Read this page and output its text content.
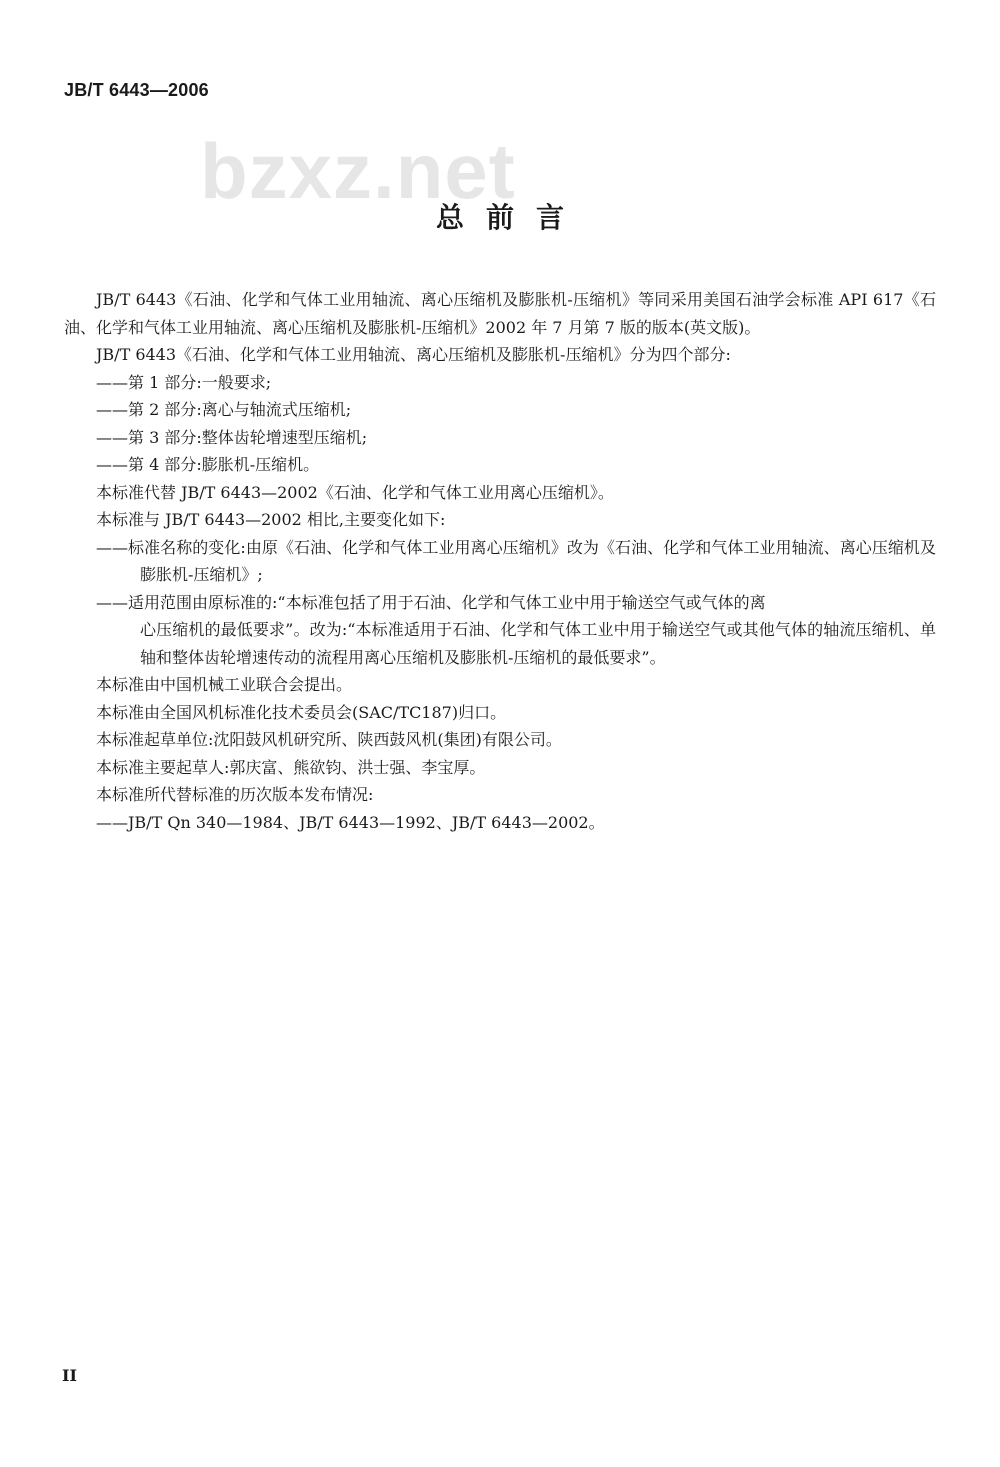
JB/T 6443—2006
bzxz.net
总前言

JB/T 6443《石油、化学和气体工业用轴流、离心压缩机及膨胀机-压缩机》等同采用美国石油学会标准 API 617《石油、化学和气体工业用轴流、离心压缩机及膨胀机-压缩机》2002 年 7 月第 7 版的版本(英文版)。

JB/T 6443《石油、化学和气体工业用轴流、离心压缩机及膨胀机-压缩机》分为四个部分:

——第 1 部分:一般要求;

——第 2 部分:离心与轴流式压缩机;

——第 3 部分:整体齿轮增速型压缩机;

——第 4 部分:膨胀机-压缩机。

本标准代替 JB/T 6443—2002《石油、化学和气体工业用离心压缩机》。

本标准与 JB/T 6443—2002 相比,主要变化如下:

——标准名称的变化:由原《石油、化学和气体工业用离心压缩机》改为《石油、化学和气体工业用轴流、离心压缩机及膨胀机-压缩机》;

——适用范围由原标准的:“本标准包括了用于石油、化学和气体工业中用于输送空气或气体的离
心压缩机的最低要求”。改为:“本标准适用于石油、化学和气体工业中用于输送空气或其他气体的轴流压缩机、单轴和整体齿轮增速传动的流程用离心压缩机及膨胀机-压缩机的最低要求”。

本标准由中国机械工业联合会提出。

本标准由全国风机标准化技术委员会(SAC/TC187)归口。

本标准起草单位:沈阳鼓风机研究所、陕西鼓风机(集团)有限公司。

本标准主要起草人:郭庆富、熊欲钧、洪士强、李宝厚。

本标准所代替标准的历次版本发布情况:

——JB/T Qn 340—1984、JB/T 6443—1992、JB/T 6443—2002。

II
